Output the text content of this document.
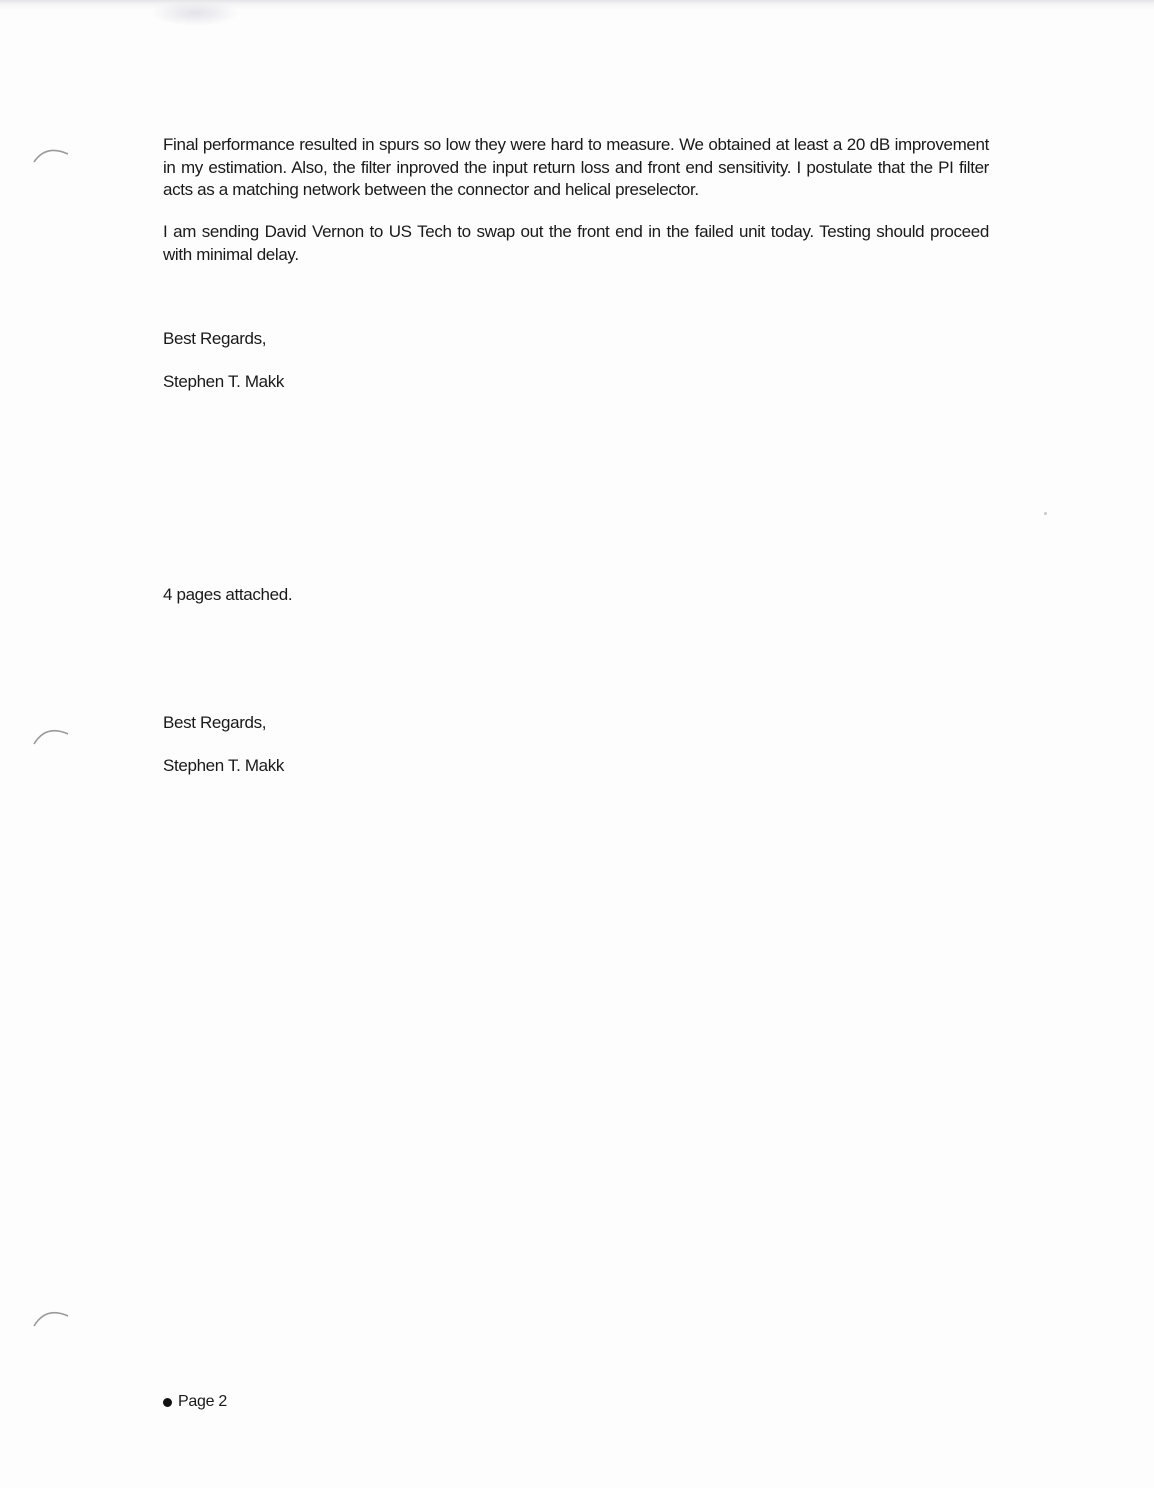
Final performance resulted in spurs so low they were hard to measure. We obtained at least a 20 dB improvement in my estimation. Also, the filter inproved the input return loss and front end sensitivity. I postulate that the PI filter acts as a matching network between the connector and helical preselector.

I am sending David Vernon to US Tech to swap out the front end in the failed unit today. Testing should proceed with minimal delay.

Best Regards,

Stephen T. Makk

4 pages attached.

Best Regards,

Stephen T. Makk

Page 2
